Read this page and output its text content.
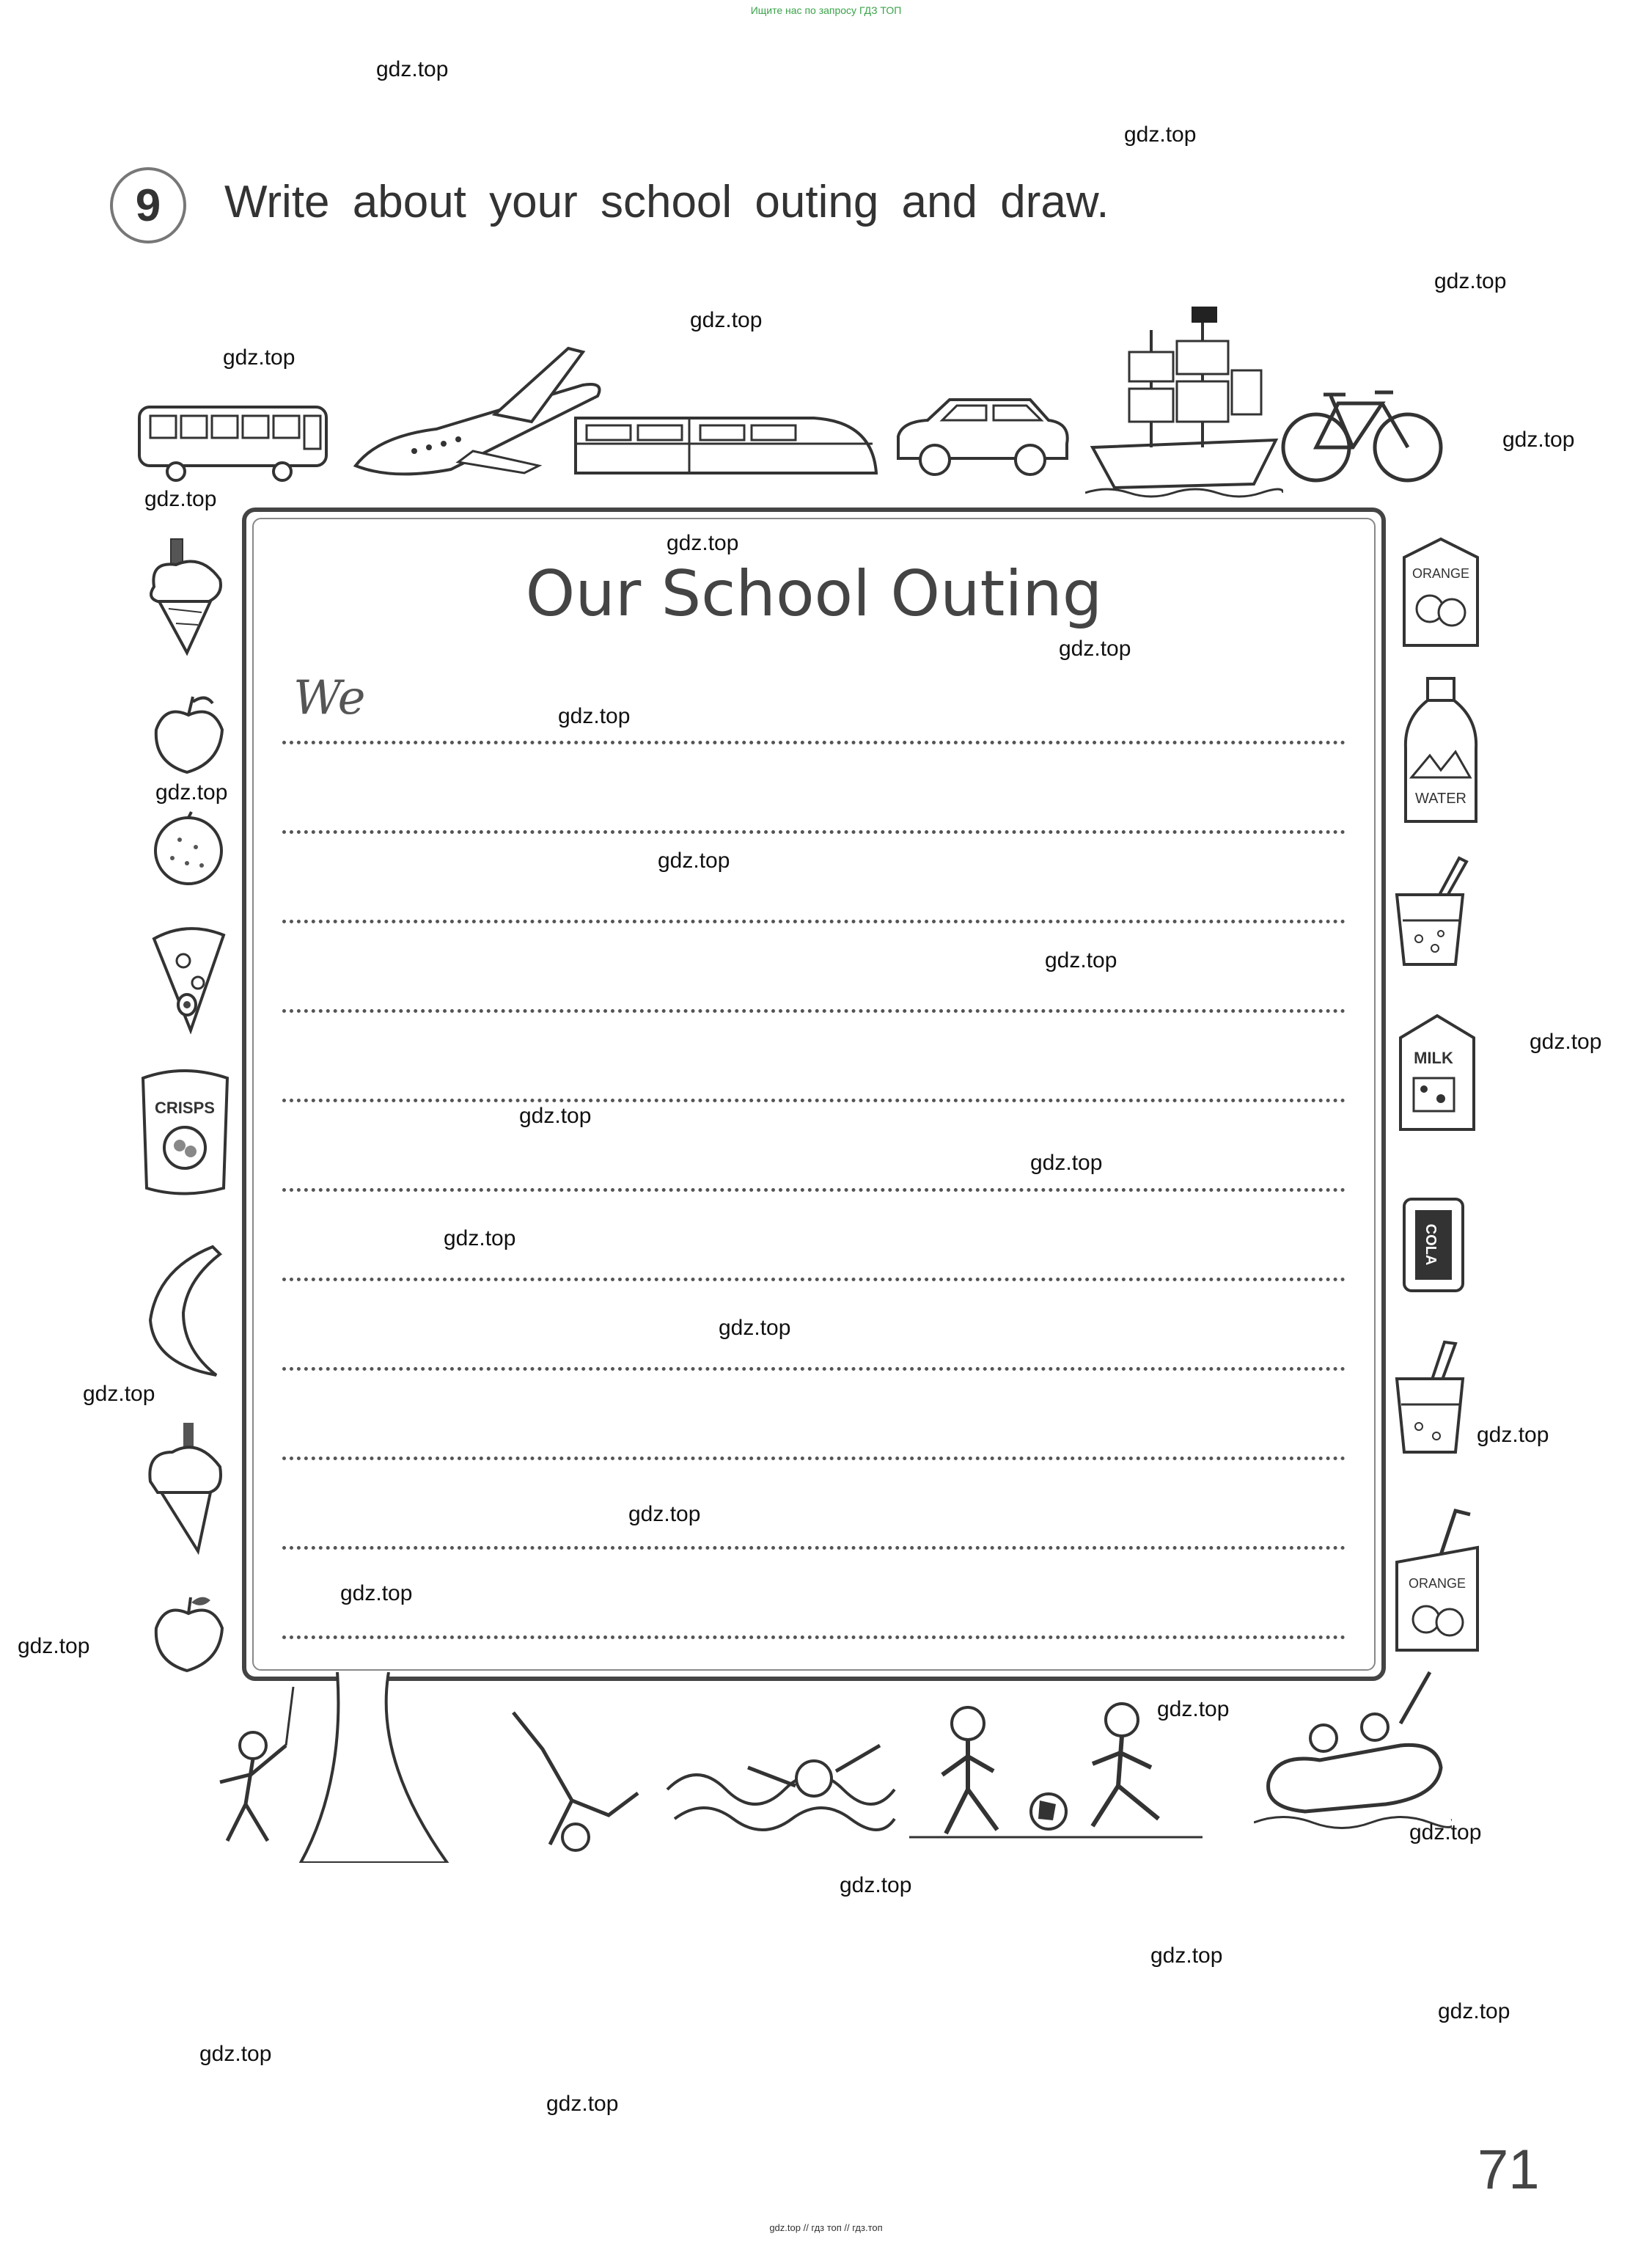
Ищите нас по запросу ГДЗ ТОП
9	Write about your school outing and draw.
Our School Outing
We
CRISPS
ORANGE
WATER
MILK
COLA
ORANGE
gdz.top
gdz.top
gdz.top
gdz.top
gdz.top
gdz.top
gdz.top
gdz.top
gdz.top
gdz.top
gdz.top
gdz.top
gdz.top
gdz.top
gdz.top
gdz.top
gdz.top
gdz.top
gdz.top
gdz.top
gdz.top
gdz.top
gdz.top
gdz.top
gdz.top
gdz.top
gdz.top
gdz.top
gdz.top
gdz.top
71
gdz.top // гдз топ // гдз.топ
